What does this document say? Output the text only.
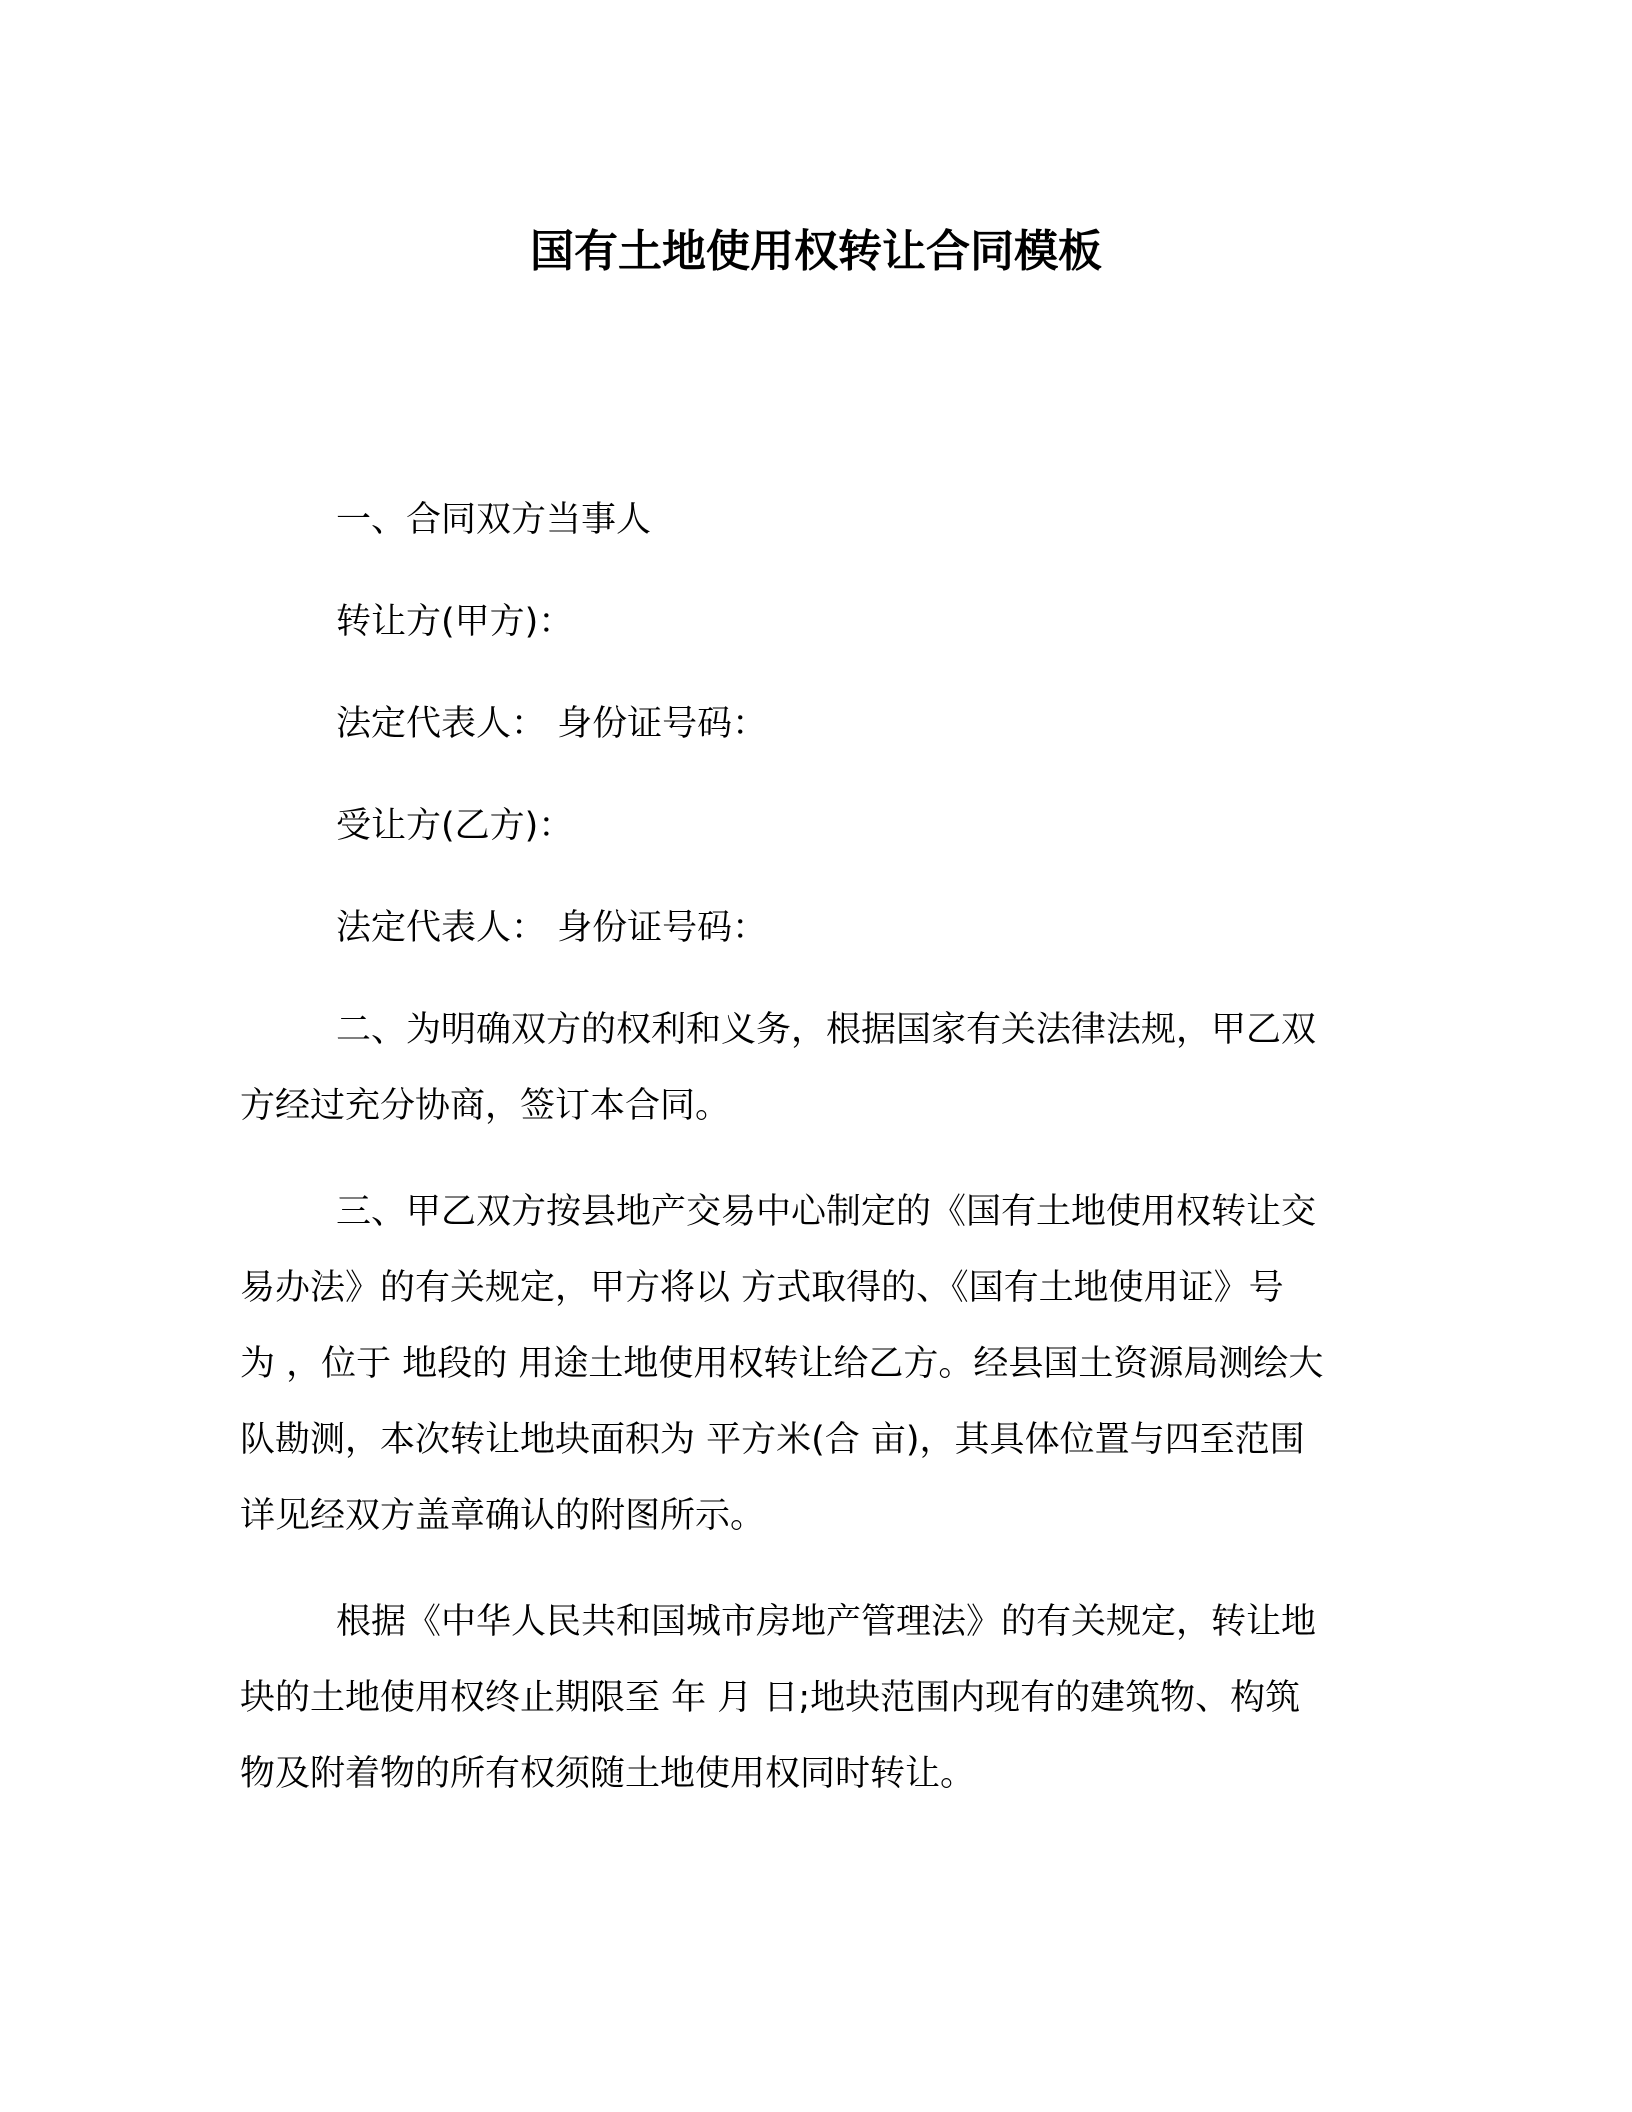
国有土地使用权转让合同模板

一、合同双方当事人

转让方(甲方)：

法定代表人： 身份证号码：

受让方(乙方)：

法定代表人： 身份证号码：

二、为明确双方的权利和义务，根据国家有关法律法规，甲乙双
方经过充分协商，签订本合同。
三、甲乙双方按县地产交易中心制定的《国有土地使用权转让交
易办法》的有关规定，甲方将以 方式取得的、《国有土地使用证》号
为 ，位于 地段的 用途土地使用权转让给乙方。经县国土资源局测绘大
队勘测，本次转让地块面积为 平方米(合 亩)，其具体位置与四至范围
详见经双方盖章确认的附图所示。
根据《中华人民共和国城市房地产管理法》的有关规定，转让地
块的土地使用权终止期限至 年 月 日;地块范围内现有的建筑物、构筑
物及附着物的所有权须随土地使用权同时转让。
